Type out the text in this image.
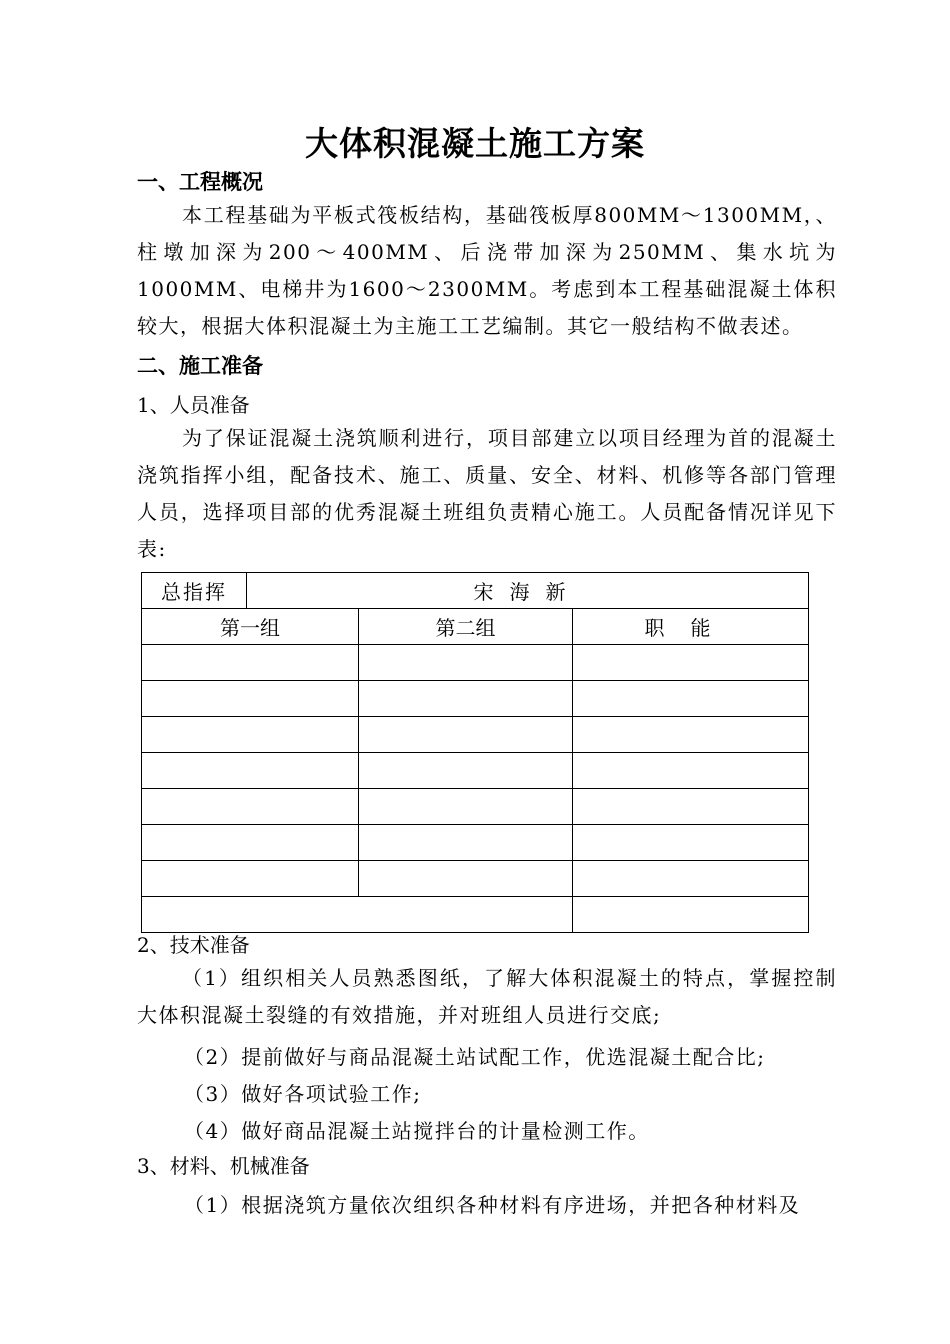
大体积混凝土施工方案
一、工程概况
本工程基础为平板式筏板结构，基础筏板厚800MM～1300MM，、柱墩加深为200～400MM、后浇带加深为250MM、集水坑为1000MM、电梯井为1600～2300MM。考虑到本工程基础混凝土体积较大，根据大体积混凝土为主施工工艺编制。其它一般结构不做表述。
二、施工准备
1、人员准备
为了保证混凝土浇筑顺利进行，项目部建立以项目经理为首的混凝土浇筑指挥小组，配备技术、施工、质量、安全、材料、机修等各部门管理人员，选择项目部的优秀混凝土班组负责精心施工。人员配备情况详见下表:
总指挥	宋海新		
第一组		第二组	职能

2、技术准备
（1）组织相关人员熟悉图纸，了解大体积混凝土的特点，掌握控制大体积混凝土裂缝的有效措施，并对班组人员进行交底;
（2）提前做好与商品混凝土站试配工作，优选混凝土配合比;
（3）做好各项试验工作;
（4）做好商品混凝土站搅拌台的计量检测工作。
3、材料、机械准备
（1）根据浇筑方量依次组织各种材料有序进场，并把各种材料及
